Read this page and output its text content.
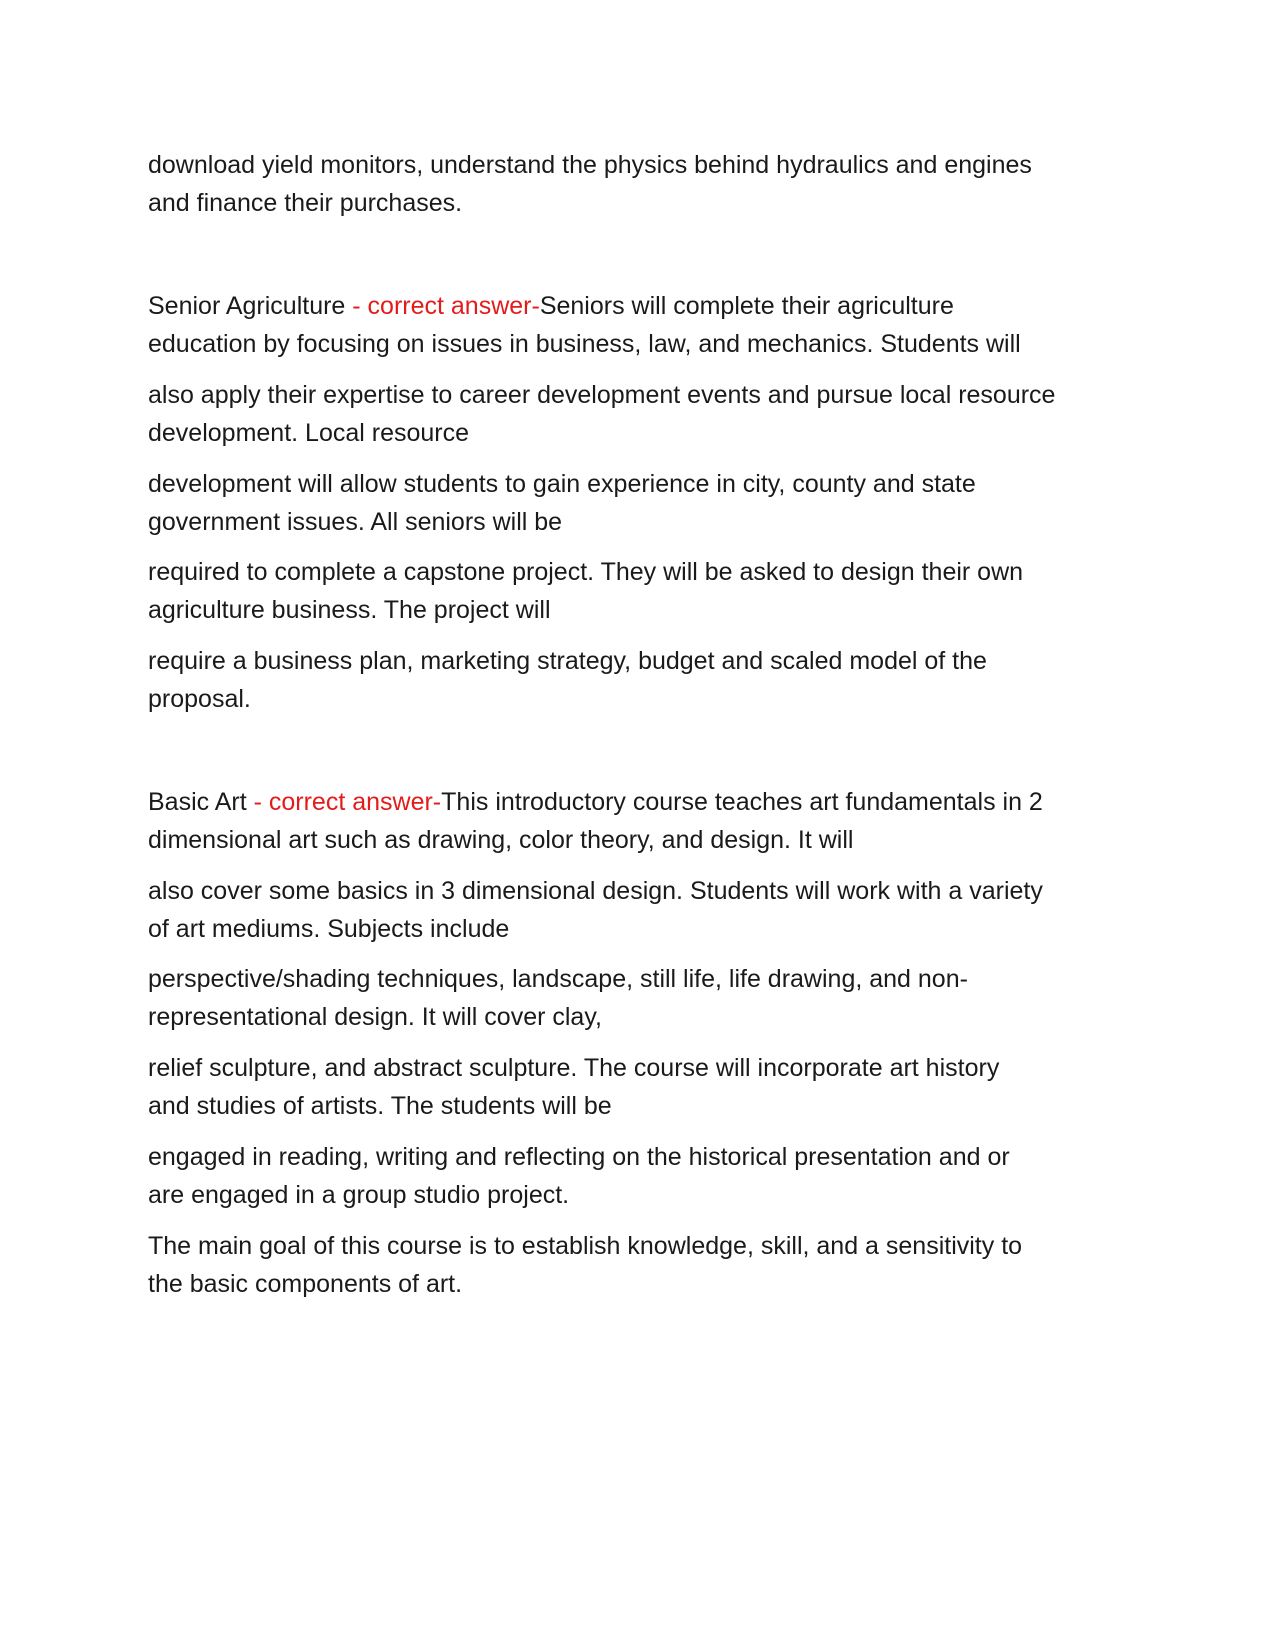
download yield monitors, understand the physics behind hydraulics and engines
and finance their purchases.

Senior Agriculture - correct answer-Seniors will complete their agriculture
education by focusing on issues in business, law, and mechanics. Students will

also apply their expertise to career development events and pursue local resource
development. Local resource

development will allow students to gain experience in city, county and state
government issues. All seniors will be

required to complete a capstone project. They will be asked to design their own
agriculture business. The project will

require a business plan, marketing strategy, budget and scaled model of the
proposal.

Basic Art - correct answer-This introductory course teaches art fundamentals in 2
dimensional art such as drawing, color theory, and design. It will

also cover some basics in 3 dimensional design. Students will work with a variety
of art mediums. Subjects include

perspective/shading techniques, landscape, still life, life drawing, and non-
representational design. It will cover clay,

relief sculpture, and abstract sculpture. The course will incorporate art history
and studies of artists. The students will be

engaged in reading, writing and reflecting on the historical presentation and or
are engaged in a group studio project.

The main goal of this course is to establish knowledge, skill, and a sensitivity to
the basic components of art.
